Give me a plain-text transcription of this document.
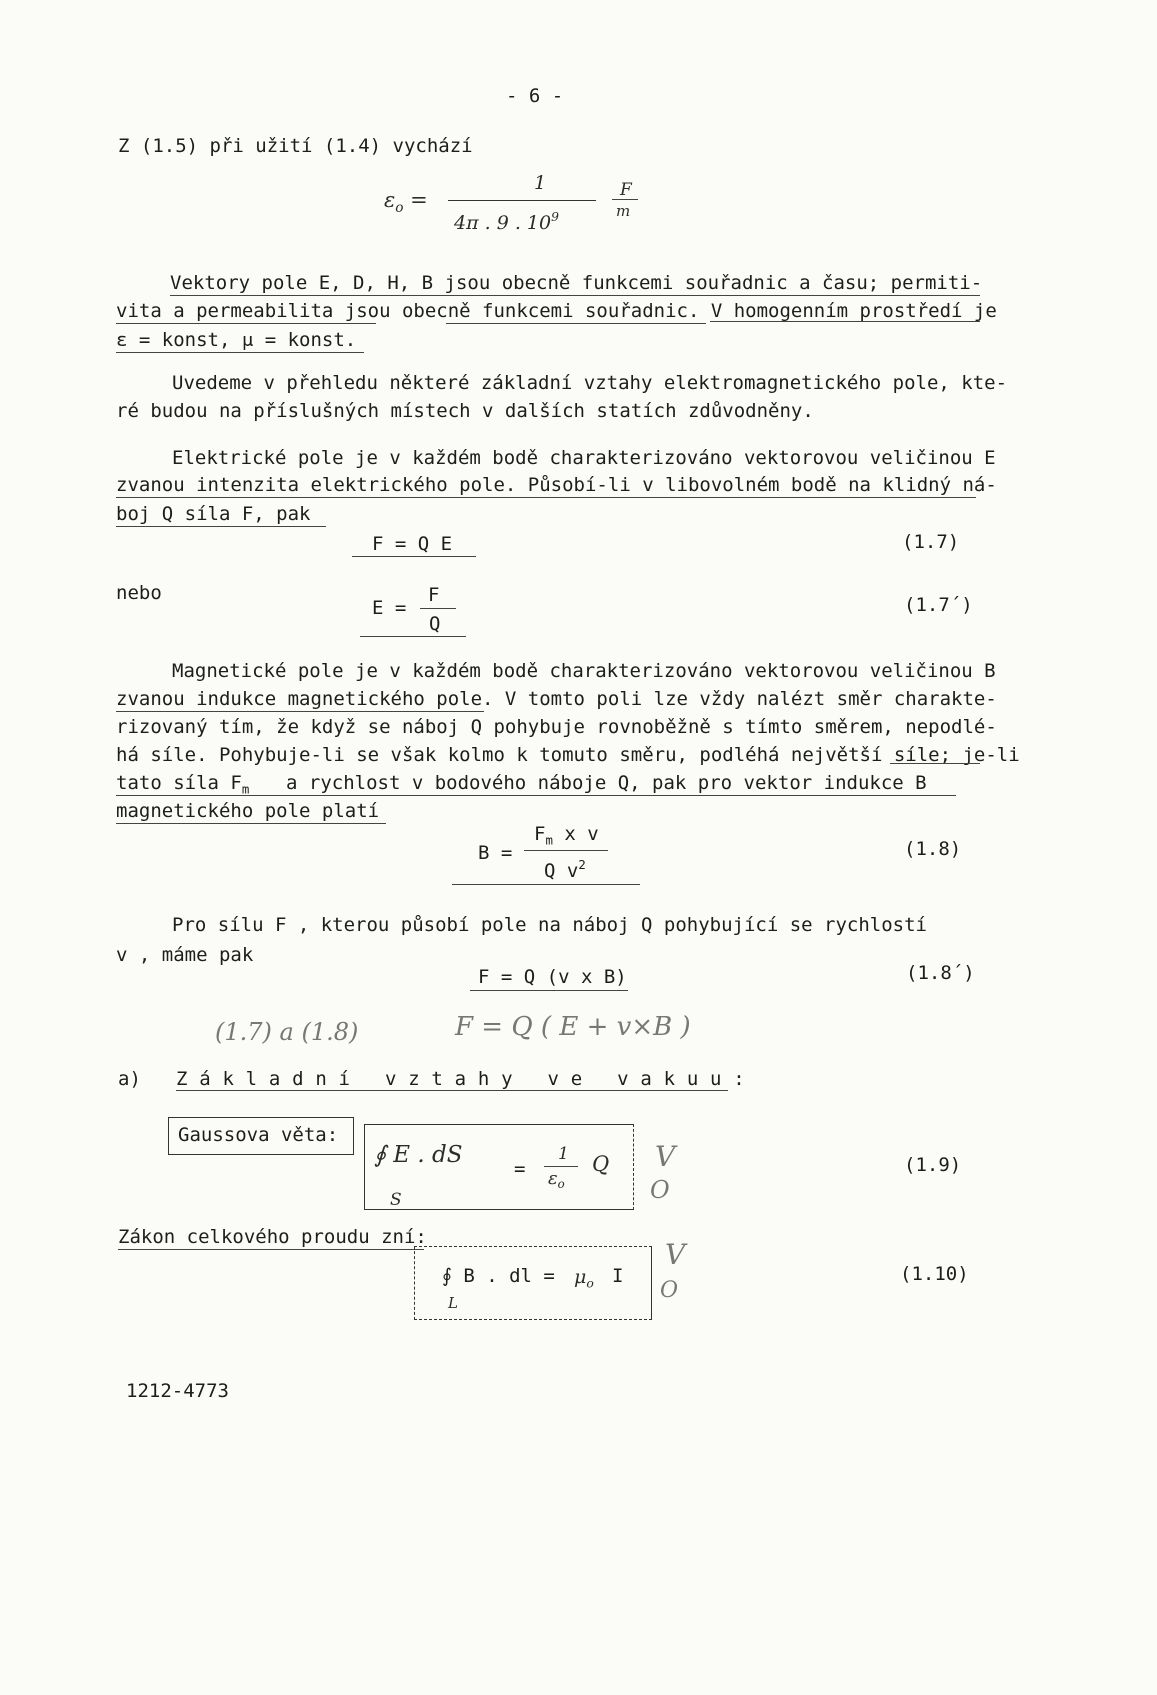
- 6 -
Z (1.5) při užití (1.4) vychází
$\varepsilon_o$ =
1
4π . 9 . $10^9$
F
m
Vektory pole E, D, H, B jsou obecně funkcemi souřadnic a času; permiti-
vita a permeabilita jsou obecně funkcemi souřadnic. V homogenním prostředí je
ε = konst, μ = konst.
Uvedeme v přehledu některé základní vztahy elektromagnetického pole, kte-
ré budou na příslušných místech v dalších statích zdůvodněny.
Elektrické pole je v každém bodě charakterizováno vektorovou veličinou E
zvanou intenzita elektrického pole. Působí-li v libovolném bodě na klidný ná-
boj Q síla F, pak
F = Q E	(1.7)
nebo
E =
F
Q
(1.7´)
Magnetické pole je v každém bodě charakterizováno vektorovou veličinou B
zvanou indukce magnetického pole. V tomto poli lze vždy nalézt směr charakte-
rizovaný tím, že když se náboj Q pohybuje rovnoběžně s tímto směrem, nepodlé-
há síle. Pohybuje-li se však kolmo k tomuto směru, podléhá největší síle; je-li
tato síla $F_m$ a rychlost v bodového náboje Q, pak pro vektor indukce B
magnetického pole platí
B =
$F_m$ x v
Q $v^2$
(1.8)
Pro sílu F , kterou působí pole na náboj Q pohybující se rychlostí
v , máme pak
F = Q (v x B)	(1.8´)
(1.7) a (1.8)	F = Q ( E + v×B )
a) Základní vztahy ve vakuu:
Gaussova věta:
∮ E . dS
S
=
1
$\varepsilon_o$
Q V
O
(1.9)
Zákon celkového proudu zní:
∮ B . dl =
L
$\mu_o$ I
V
O
(1.10)
1212-4773
